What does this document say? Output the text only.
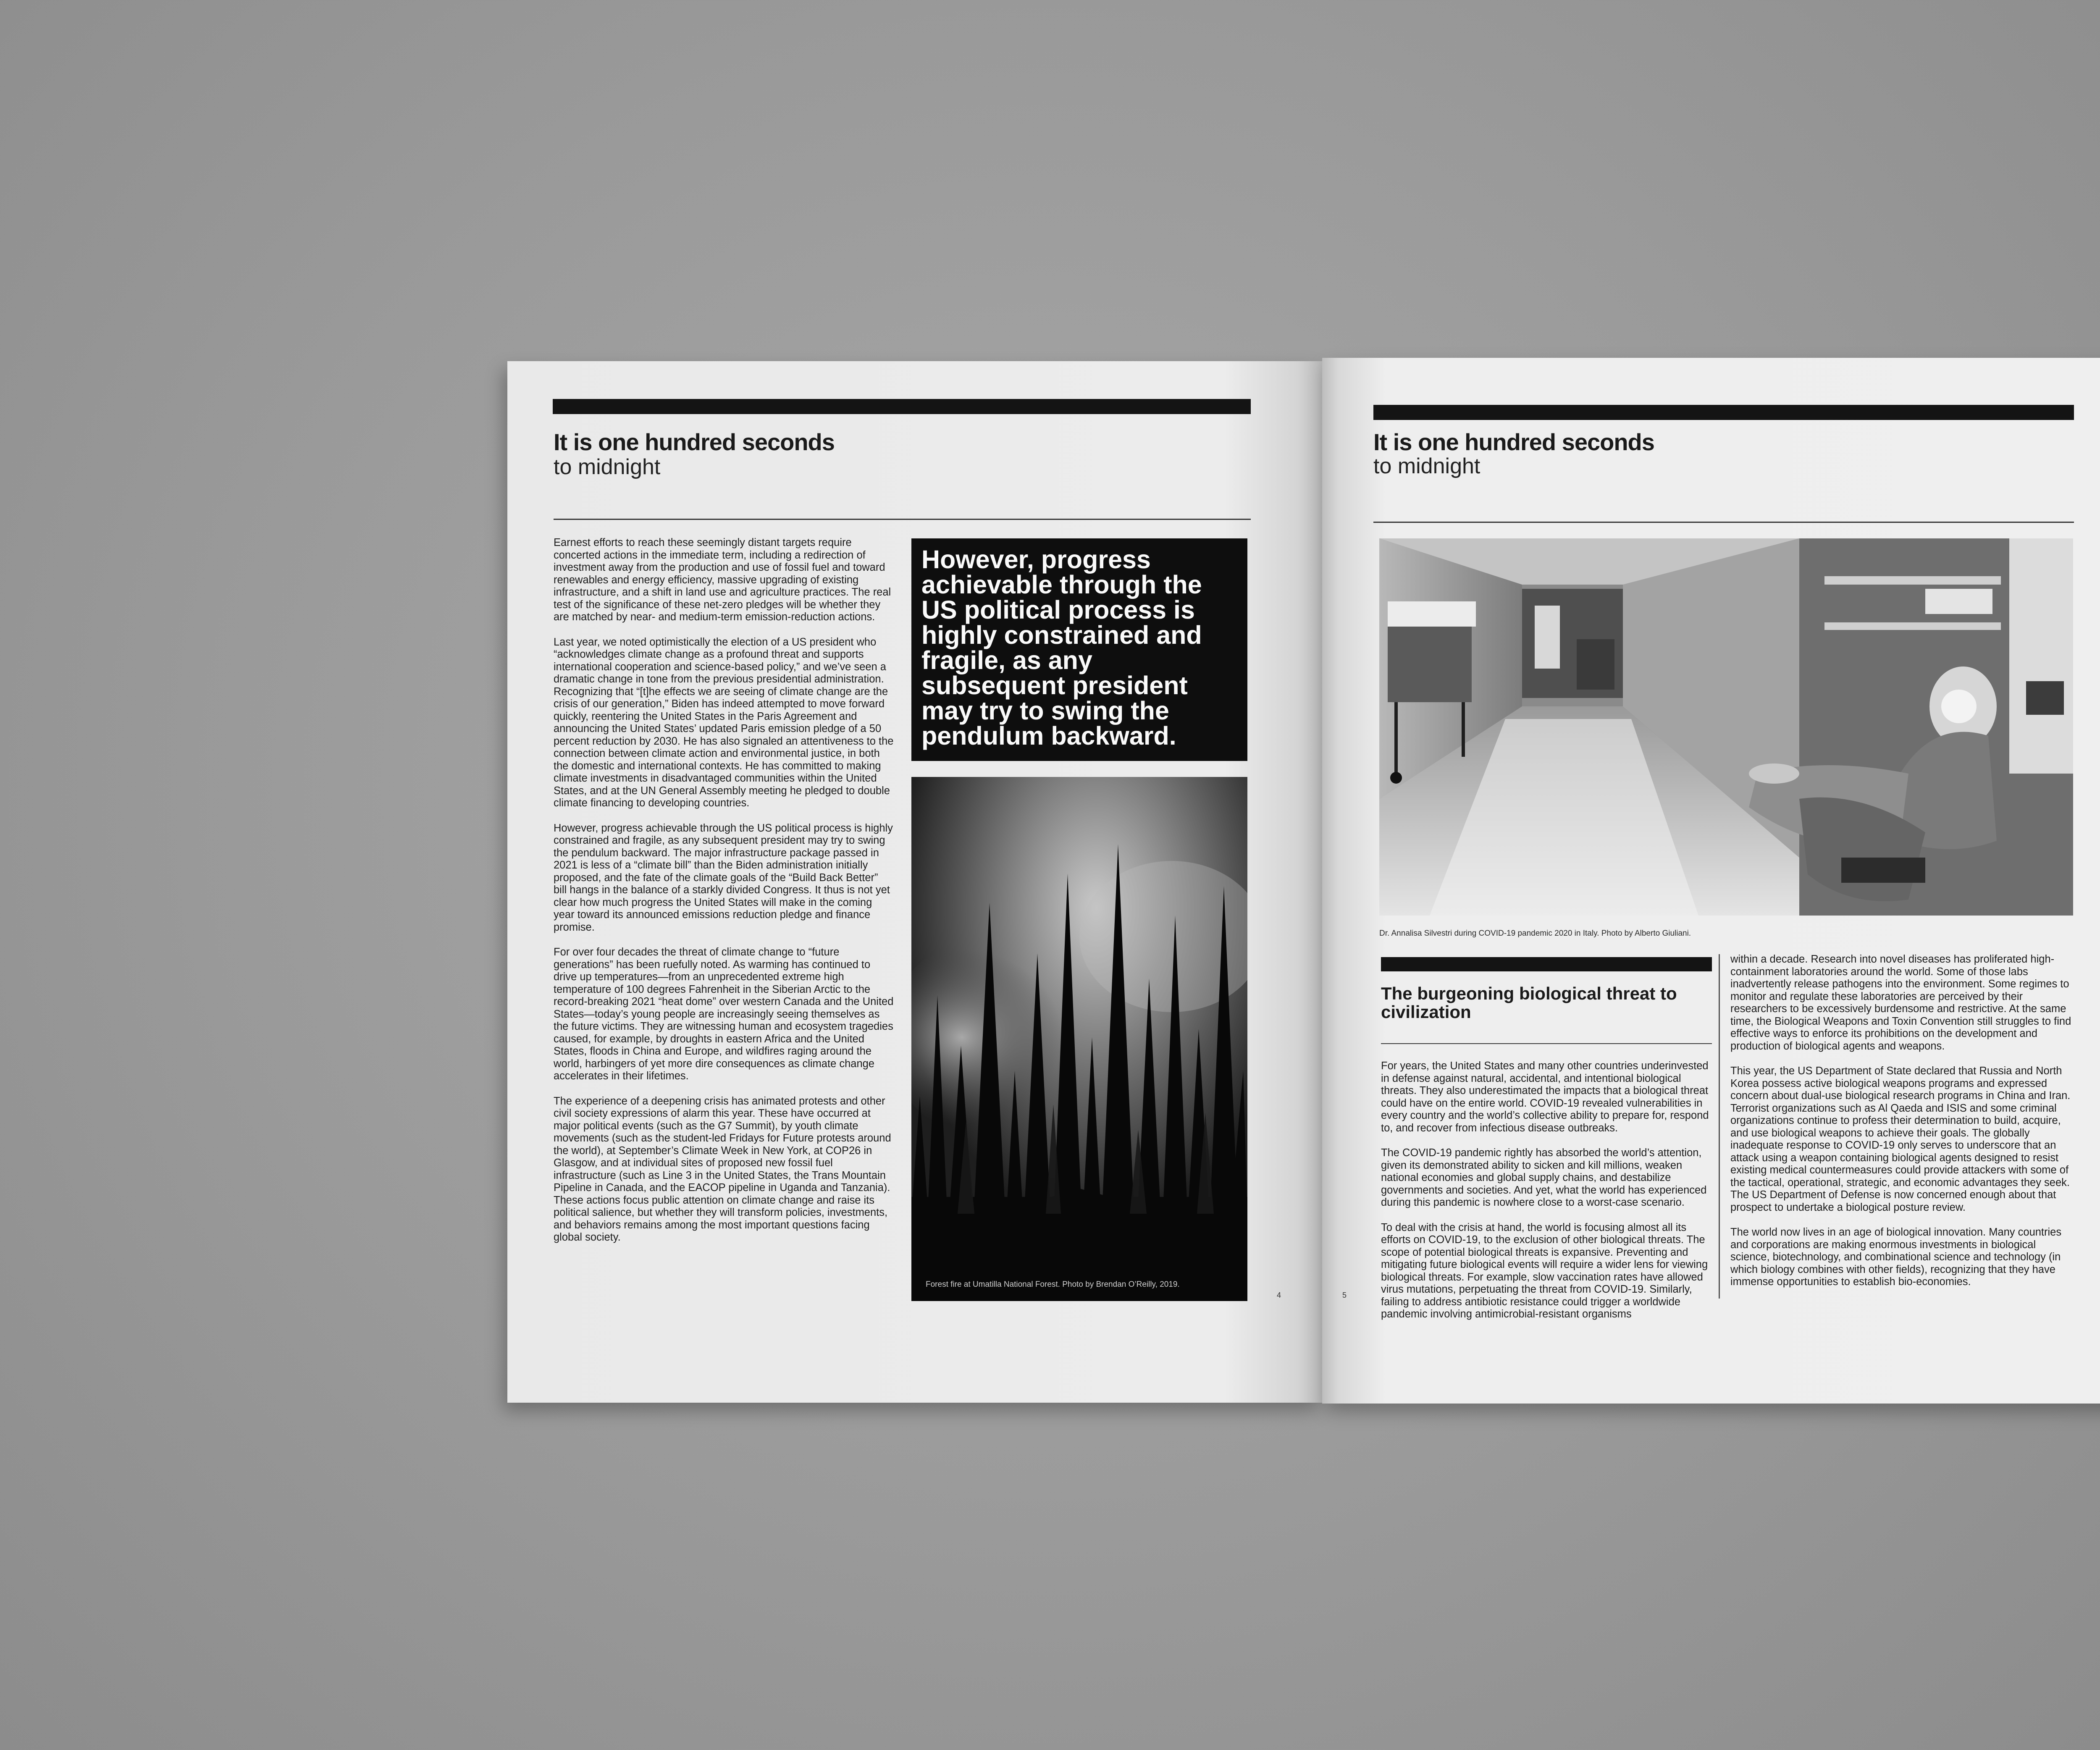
It is one hundred seconds
to midnight

Earnest efforts to reach these seemingly distant targets require concerted actions in the immediate term, including a redirection of investment away from the production and use of fossil fuel and toward renewables and energy efficiency, massive upgrading of existing infrastructure, and a shift in land use and agriculture practices. The real test of the significance of these net-zero pledges will be whether they are matched by near- and medium-term emission-reduction actions.

Last year, we noted optimistically the election of a US president who “acknowledges climate change as a profound threat and supports international cooperation and science-based policy,” and we’ve seen a dramatic change in tone from the previous presidential administration. Recognizing that “[t]he effects we are seeing of climate change are the crisis of our generation,” Biden has indeed attempted to move forward quickly, reentering the United States in the Paris Agreement and announcing the United States’ updated Paris emission pledge of a 50 percent reduction by 2030. He has also signaled an attentiveness to the connection between climate action and environmental justice, in both the domestic and international contexts. He has committed to making climate investments in disadvantaged communities within the United States, and at the UN General Assembly meeting he pledged to double climate financing to developing countries.

However, progress achievable through the US political process is highly constrained and fragile, as any subsequent president may try to swing the pendulum backward. The major infrastructure package passed in 2021 is less of a “climate bill” than the Biden administration initially proposed, and the fate of the climate goals of the “Build Back Better” bill hangs in the balance of a starkly divided Congress. It thus is not yet clear how much progress the United States will make in the coming year toward its announced emissions reduction pledge and finance promise.

For over four decades the threat of climate change to “future generations” has been ruefully noted. As warming has continued to drive up temperatures—from an unprecedented extreme high temperature of 100 degrees Fahrenheit in the Siberian Arctic to the record-breaking 2021 “heat dome” over western Canada and the United States—today’s young people are increasingly seeing themselves as the future victims. They are witnessing human and ecosystem tragedies caused, for example, by droughts in eastern Africa and the United States, floods in China and Europe, and wildfires raging around the world, harbingers of yet more dire consequences as climate change accelerates in their lifetimes.

The experience of a deepening crisis has animated protests and other civil society expressions of alarm this year. These have occurred at major political events (such as the G7 Summit), by youth climate movements (such as the student-led Fridays for Future protests around the world), at September’s Climate Week in New York, at COP26 in Glasgow, and at individual sites of proposed new fossil fuel infrastructure (such as Line 3 in the United States, the Trans Mountain Pipeline in Canada, and the EACOP pipeline in Uganda and Tanzania). These actions focus public attention on climate change and raise its political salience, but whether they will transform policies, investments, and behaviors remains among the most important questions facing global society.

However, progress achievable through the US political process is highly constrained and fragile, as any subsequent president may try to swing the pendulum backward.
Forest fire at Umatilla National Forest. Photo by Brendan O’Reilly, 2019.
4
It is one hundred seconds
to midnight
Dr. Annalisa Silvestri during COVID-19 pandemic 2020 in Italy. Photo by Alberto Giuliani.
The burgeoning biological threat to civilization

For years, the United States and many other countries underinvested in defense against natural, accidental, and intentional biological threats. They also underestimated the impacts that a biological threat could have on the entire world. COVID-19 revealed vulnerabilities in every country and the world’s collective ability to prepare for, respond to, and recover from infectious disease outbreaks.

The COVID-19 pandemic rightly has absorbed the world’s attention, given its demonstrated ability to sicken and kill millions, weaken national economies and global supply chains, and destabilize governments and societies. And yet, what the world has experienced during this pandemic is nowhere close to a worst-case scenario.

To deal with the crisis at hand, the world is focusing almost all its efforts on COVID-19, to the exclusion of other biological threats. The scope of potential biological threats is expansive. Preventing and mitigating future biological events will require a wider lens for viewing biological threats. For example, slow vaccination rates have allowed virus mutations, perpetuating the threat from COVID-19. Similarly, failing to address antibiotic resistance could trigger a worldwide pandemic involving antimicrobial-resistant organisms

within a decade. Research into novel diseases has proliferated high-containment laboratories around the world. Some of those labs inadvertently release pathogens into the environment. Some regimes to monitor and regulate these laboratories are perceived by their researchers to be excessively burdensome and restrictive. At the same time, the Biological Weapons and Toxin Convention still struggles to find effective ways to enforce its prohibitions on the development and production of biological agents and weapons.

This year, the US Department of State declared that Russia and North Korea possess active biological weapons programs and expressed concern about dual-use biological research programs in China and Iran. Terrorist organizations such as Al Qaeda and ISIS and some criminal organizations continue to profess their determination to build, acquire, and use biological weapons to achieve their goals. The globally inadequate response to COVID-19 only serves to underscore that an attack using a weapon containing biological agents designed to resist existing medical countermeasures could provide attackers with some of the tactical, operational, strategic, and economic advantages they seek. The US Department of Defense is now concerned enough about that prospect to undertake a biological posture review.

The world now lives in an age of biological innovation. Many countries and corporations are making enormous investments in biological science, biotechnology, and combinational science and technology (in which biology combines with other fields), recognizing that they have immense opportunities to establish bio-economies.

5
